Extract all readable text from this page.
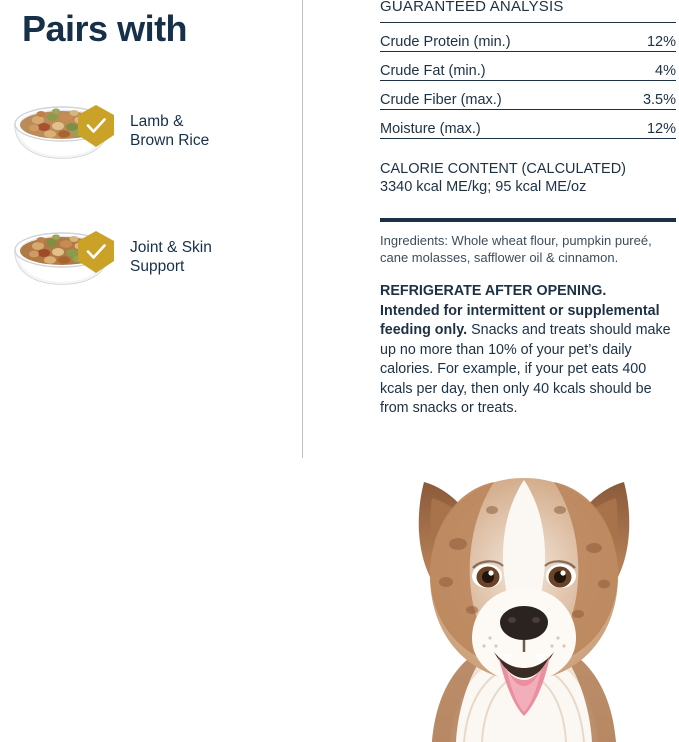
Pairs with
Lamb &
Brown Rice
Joint & Skin
Support
GUARANTEED ANALYSIS
Crude Protein (min.)	12%
Crude Fat (min.)	4%
Crude Fiber (max.)	3.5%
Moisture (max.)	12%
CALORIE CONTENT (CALCULATED)
3340 kcal ME/kg; 95 kcal ME/oz
Ingredients: Whole wheat flour, pumpkin pureé, cane molasses, safflower oil & cinnamon.
REFRIGERATE AFTER OPENING.
Intended for intermittent or supplemental feeding only. Snacks and treats should make up no more than 10% of your pet’s daily calories. For example, if your pet eats 400 kcals per day, then only 40 kcals should be from snacks or treats.
